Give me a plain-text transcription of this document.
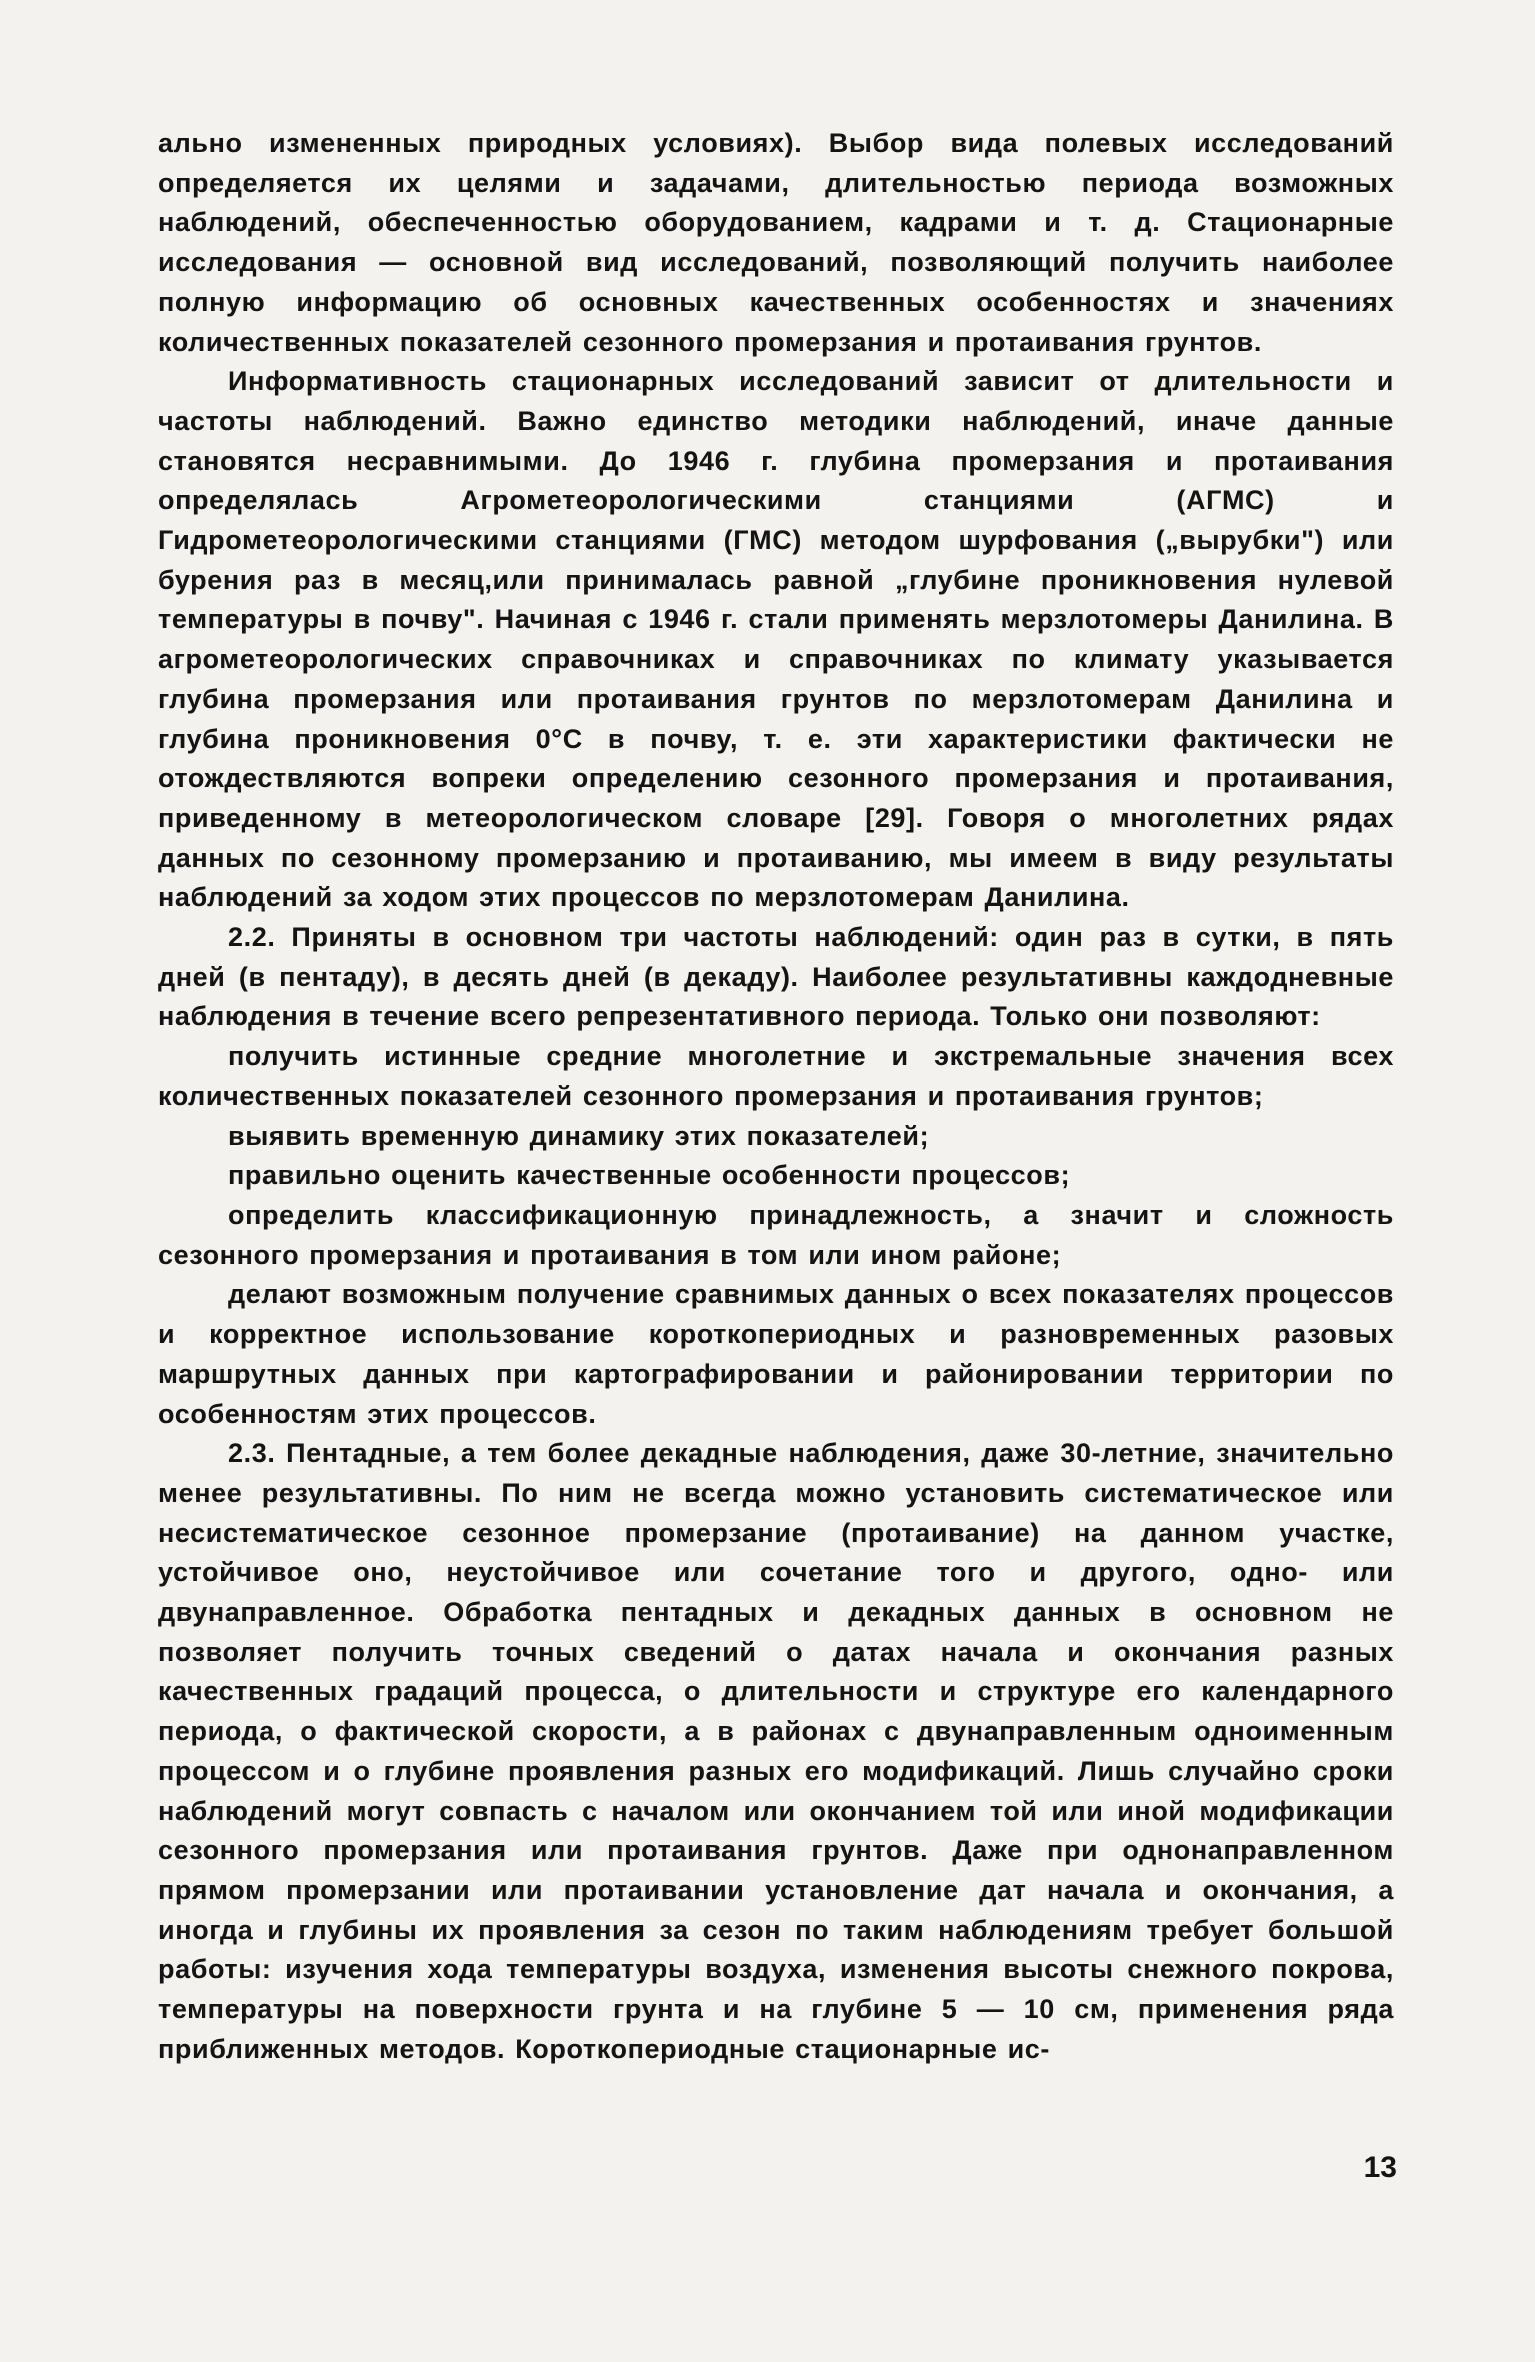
ально измененных природных условиях). Выбор вида полевых исследований определяется их целями и задачами, длительностью периода возможных наблюдений, обеспеченностью оборудованием, кадрами и т. д. Стационарные исследования — основной вид исследований, позволяющий получить наиболее полную информацию об основных качественных особенностях и значениях количественных показателей сезонного промерзания и протаивания грунтов.

Информативность стационарных исследований зависит от длительности и частоты наблюдений. Важно единство методики наблюдений, иначе данные становятся несравнимыми. До 1946 г. глубина промерзания и протаивания определялась Агрометеорологическими станциями (АГМС) и Гидрометеорологическими станциями (ГМС) методом шурфования („вырубки") или бурения раз в месяц,или принималась равной „глубине проникновения нулевой температуры в почву". Начиная с 1946 г. стали применять мерзлотомеры Данилина. В агрометеорологических справочниках и справочниках по климату указывается глубина промерзания или протаивания грунтов по мерзлотомерам Данилина и глубина проникновения 0°С в почву, т. е. эти характеристики фактически не отождествляются вопреки определению сезонного промерзания и протаивания, приведенному в метеорологическом словаре [29]. Говоря о многолетних рядах данных по сезонному промерзанию и протаиванию, мы имеем в виду результаты наблюдений за ходом этих процессов по мерзлотомерам Данилина.

2.2. Приняты в основном три частоты наблюдений: один раз в сутки, в пять дней (в пентаду), в десять дней (в декаду). Наиболее результативны каждодневные наблюдения в течение всего репрезентативного периода. Только они позволяют:

получить истинные средние многолетние и экстремальные значения всех количественных показателей сезонного промерзания и протаивания грунтов;

выявить временную динамику этих показателей;

правильно оценить качественные особенности процессов;

определить классификационную принадлежность, а значит и сложность сезонного промерзания и протаивания в том или ином районе;

делают возможным получение сравнимых данных о всех показателях процессов и корректное использование короткопериодных и разновременных разовых маршрутных данных при картографировании и районировании территории по особенностям этих процессов.

2.3. Пентадные, а тем более декадные наблюдения, даже 30-летние, значительно менее результативны. По ним не всегда можно установить систематическое или несистематическое сезонное промерзание (протаивание) на данном участке, устойчивое оно, неустойчивое или сочетание того и другого, одно- или двунаправленное. Обработка пентадных и декадных данных в основном не позволяет получить точных сведений о датах начала и окончания разных качественных градаций процесса, о длительности и структуре его календарного периода, о фактической скорости, а в районах с двунаправленным одноименным процессом и о глубине проявления разных его модификаций. Лишь случайно сроки наблюдений могут совпасть с началом или окончанием той или иной модификации сезонного промерзания или протаивания грунтов. Даже при однонаправленном прямом промерзании или протаивании установление дат начала и окончания, а иногда и глубины их проявления за сезон по таким наблюдениям требует большой работы: изучения хода температуры воздуха, изменения высоты снежного покрова, температуры на поверхности грунта и на глубине 5 — 10 см, применения ряда приближенных методов. Короткопериодные стационарные ис-

13
